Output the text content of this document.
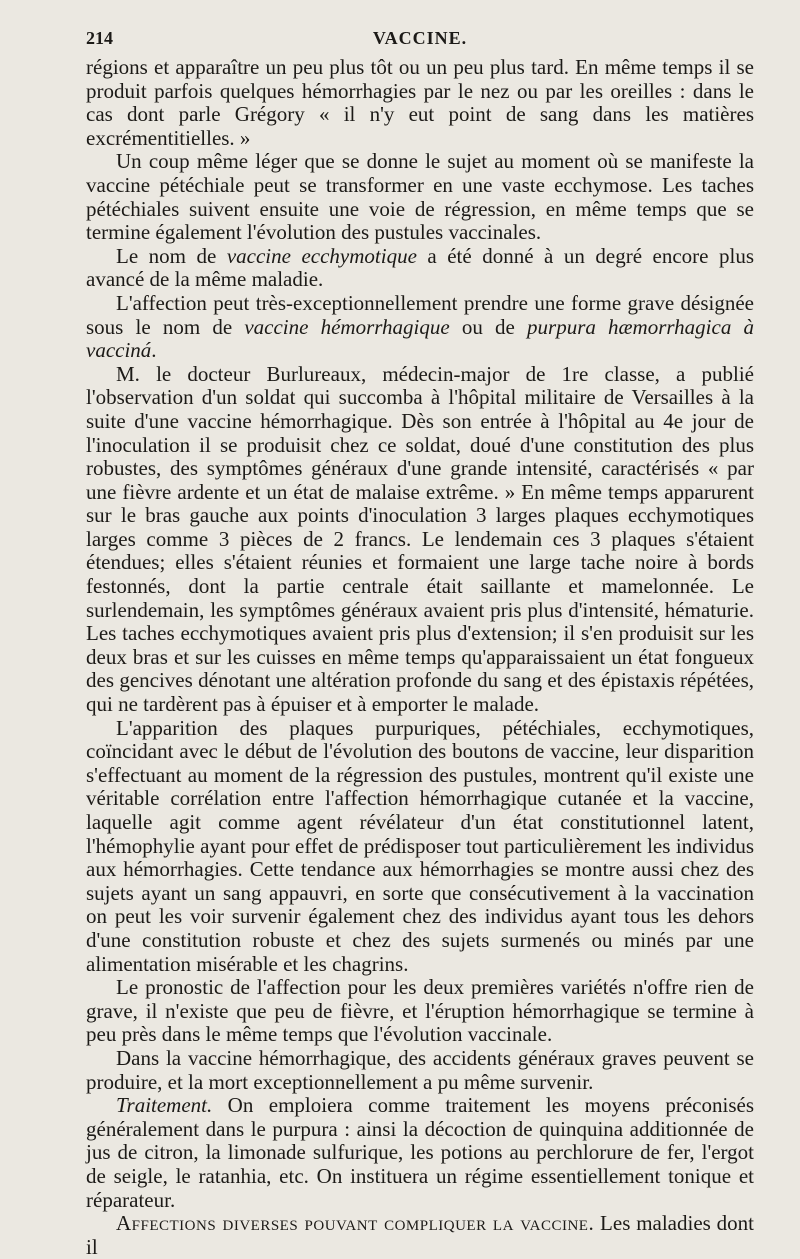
214	VACCINE.

régions et apparaître un peu plus tôt ou un peu plus tard. En même temps il se produit parfois quelques hémorrhagies par le nez ou par les oreilles : dans le cas dont parle Grégory « il n'y eut point de sang dans les matières excrémentitielles. »

Un coup même léger que se donne le sujet au moment où se manifeste la vaccine pétéchiale peut se transformer en une vaste ecchymose. Les taches pétéchiales suivent ensuite une voie de régression, en même temps que se termine également l'évolution des pustules vaccinales.

Le nom de vaccine ecchymotique a été donné à un degré encore plus avancé de la même maladie.

L'affection peut très-exceptionnellement prendre une forme grave désignée sous le nom de vaccine hémorrhagique ou de purpura hæmorrhagica à vacciná.

M. le docteur Burlureaux, médecin-major de 1re classe, a publié l'observation d'un soldat qui succomba à l'hôpital militaire de Versailles à la suite d'une vaccine hémorrhagique. Dès son entrée à l'hôpital au 4e jour de l'inoculation il se produisit chez ce soldat, doué d'une constitution des plus robustes, des symptômes généraux d'une grande intensité, caractérisés « par une fièvre ardente et un état de malaise extrême. » En même temps apparurent sur le bras gauche aux points d'inoculation 3 larges plaques ecchymotiques larges comme 3 pièces de 2 francs. Le lendemain ces 3 plaques s'étaient étendues; elles s'étaient réunies et formaient une large tache noire à bords festonnés, dont la partie centrale était saillante et mamelonnée. Le surlendemain, les symptômes généraux avaient pris plus d'intensité, hématurie. Les taches ecchymotiques avaient pris plus d'extension; il s'en produisit sur les deux bras et sur les cuisses en même temps qu'apparaissaient un état fongueux des gencives dénotant une altération profonde du sang et des épistaxis répétées, qui ne tardèrent pas à épuiser et à emporter le malade.

L'apparition des plaques purpuriques, pétéchiales, ecchymotiques, coïncidant avec le début de l'évolution des boutons de vaccine, leur disparition s'effectuant au moment de la régression des pustules, montrent qu'il existe une véritable corrélation entre l'affection hémorrhagique cutanée et la vaccine, laquelle agit comme agent révélateur d'un état constitutionnel latent, l'hémophylie ayant pour effet de prédisposer tout particulièrement les individus aux hémorrhagies. Cette tendance aux hémorrhagies se montre aussi chez des sujets ayant un sang appauvri, en sorte que consécutivement à la vaccination on peut les voir survenir également chez des individus ayant tous les dehors d'une constitution robuste et chez des sujets surmenés ou minés par une alimentation misérable et les chagrins.

Le pronostic de l'affection pour les deux premières variétés n'offre rien de grave, il n'existe que peu de fièvre, et l'éruption hémorrhagique se termine à peu près dans le même temps que l'évolution vaccinale.

Dans la vaccine hémorrhagique, des accidents généraux graves peuvent se produire, et la mort exceptionnellement a pu même survenir.

Traitement. On emploiera comme traitement les moyens préconisés généralement dans le purpura : ainsi la décoction de quinquina additionnée de jus de citron, la limonade sulfurique, les potions au perchlorure de fer, l'ergot de seigle, le ratanhia, etc. On instituera un régime essentiellement tonique et réparateur.

Affections diverses pouvant compliquer la vaccine. Les maladies dont il
